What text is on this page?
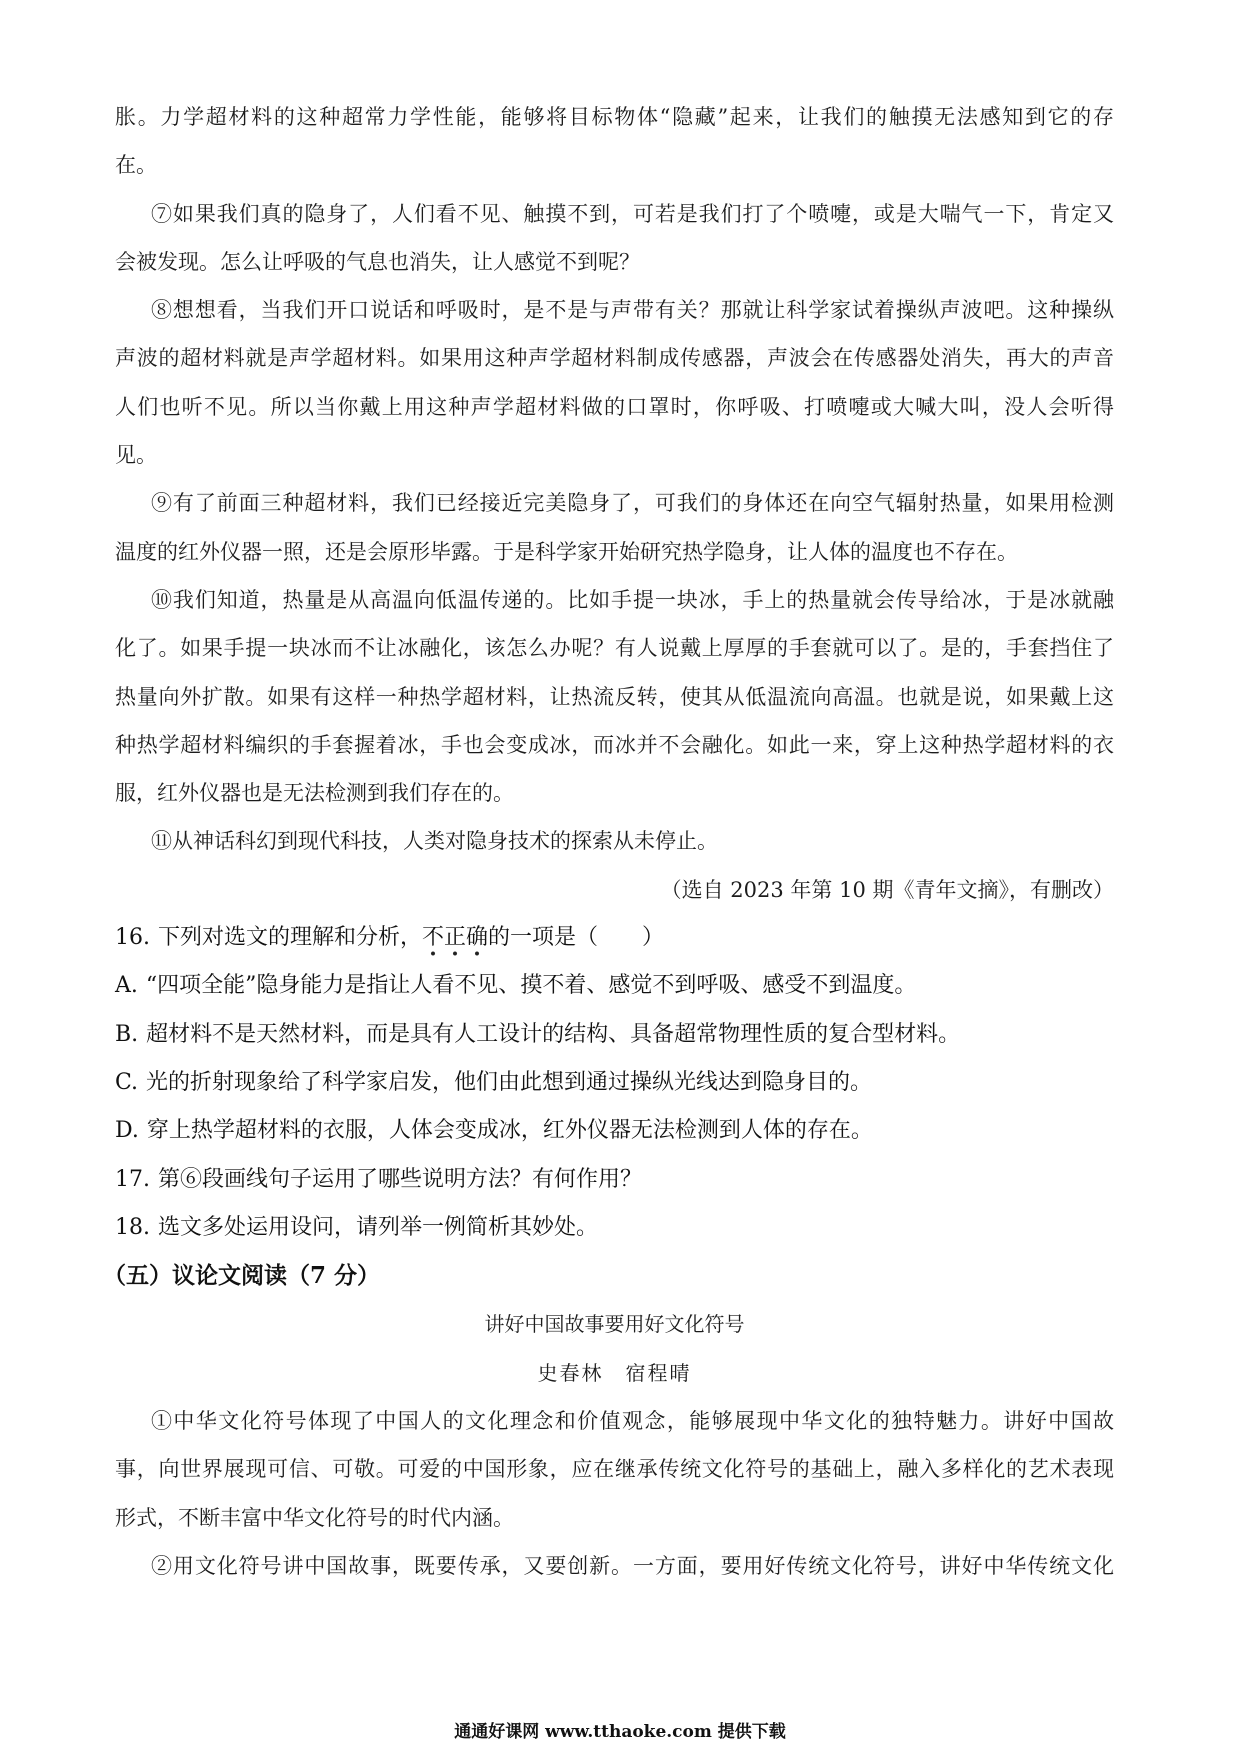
胀。力学超材料的这种超常力学性能，能够将目标物体“隐藏”起来，让我们的触摸无法感知到它的存
在。
⑦如果我们真的隐身了，人们看不见、触摸不到，可若是我们打了个喷嚏，或是大喘气一下，肯定又
会被发现。怎么让呼吸的气息也消失，让人感觉不到呢？
⑧想想看，当我们开口说话和呼吸时，是不是与声带有关？那就让科学家试着操纵声波吧。这种操纵
声波的超材料就是声学超材料。如果用这种声学超材料制成传感器，声波会在传感器处消失，再大的声音
人们也听不见。所以当你戴上用这种声学超材料做的口罩时，你呼吸、打喷嚏或大喊大叫，没人会听得
见。
⑨有了前面三种超材料，我们已经接近完美隐身了，可我们的身体还在向空气辐射热量，如果用检测
温度的红外仪器一照，还是会原形毕露。于是科学家开始研究热学隐身，让人体的温度也不存在。
⑩我们知道，热量是从高温向低温传递的。比如手提一块冰，手上的热量就会传导给冰，于是冰就融
化了。如果手提一块冰而不让冰融化，该怎么办呢？有人说戴上厚厚的手套就可以了。是的，手套挡住了
热量向外扩散。如果有这样一种热学超材料，让热流反转，使其从低温流向高温。也就是说，如果戴上这
种热学超材料编织的手套握着冰，手也会变成冰，而冰并不会融化。如此一来，穿上这种热学超材料的衣
服，红外仪器也是无法检测到我们存在的。
⑪从神话科幻到现代科技，人类对隐身技术的探索从未停止。
（选自 2023 年第 10 期《青年文摘》，有删改）
16. 下列对选文的理解和分析，不正确的一项是（　　）
A. “四项全能”隐身能力是指让人看不见、摸不着、感觉不到呼吸、感受不到温度。
B. 超材料不是天然材料，而是具有人工设计的结构、具备超常物理性质的复合型材料。
C. 光的折射现象给了科学家启发，他们由此想到通过操纵光线达到隐身目的。
D. 穿上热学超材料的衣服，人体会变成冰，红外仪器无法检测到人体的存在。
17. 第⑥段画线句子运用了哪些说明方法？有何作用？
18. 选文多处运用设问，请列举一例简析其妙处。
（五）议论文阅读（7 分）
讲好中国故事要用好文化符号
史春林　宿程晴
①中华文化符号体现了中国人的文化理念和价值观念，能够展现中华文化的独特魅力。讲好中国故
事，向世界展现可信、可敬。可爱的中国形象，应在继承传统文化符号的基础上，融入多样化的艺术表现
形式，不断丰富中华文化符号的时代内涵。
②用文化符号讲中国故事，既要传承，又要创新。一方面，要用好传统文化符号，讲好中华传统文化
通通好课网 www.tthaoke.com 提供下载
